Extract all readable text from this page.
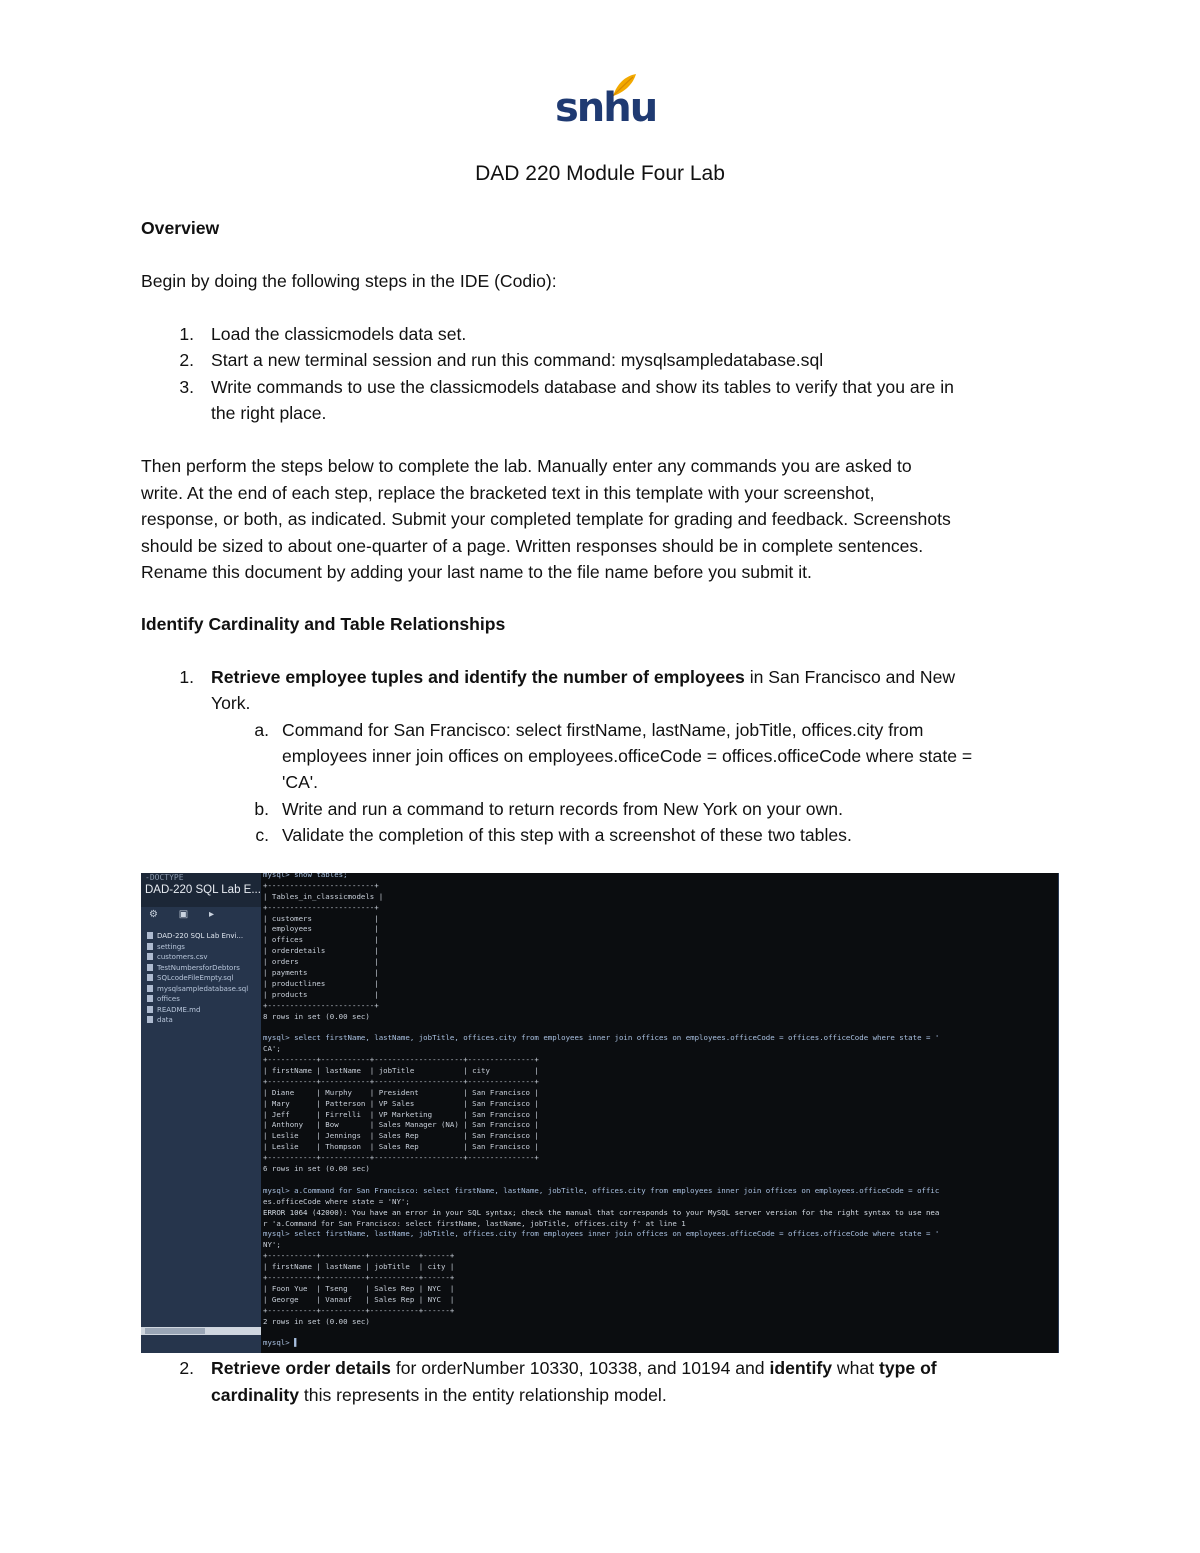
snhu
DAD 220 Module Four Lab
Overview
Begin by doing the following steps in the IDE (Codio):
1. Load the classicmodels data set.
2. Start a new terminal session and run this command: mysqlsampledatabase.sql
3. Write commands to use the classicmodels database and show its tables to verify that you are in
the right place.
Then perform the steps below to complete the lab. Manually enter any commands you are asked to
write. At the end of each step, replace the bracketed text in this template with your screenshot,
response, or both, as indicated. Submit your completed template for grading and feedback. Screenshots
should be sized to about one-quarter of a page. Written responses should be in complete sentences.
Rename this document by adding your last name to the file name before you submit it.
Identify Cardinality and Table Relationships
1. Retrieve employee tuples and identify the number of employees in San Francisco and New
York.
a. Command for San Francisco: select firstName, lastName, jobTitle, offices.city from
employees inner join offices on employees.officeCode = offices.officeCode where state =
'CA'.
b. Write and run a command to return records from New York on your own.
c. Validate the completion of this step with a screenshot of these two tables.
-DOCTYPE
DAD-220 SQL Lab E...
⚙ ▣ ▸
DAD-220 SQL Lab Envi...
settings
customers.csv
TestNumbersforDebtors
SQLcodeFileEmpty.sql
mysqlsampledatabase.sql
offices
README.md
data
mysql> show tables;
+------------------------+
| Tables_in_classicmodels |
+------------------------+
| customers              |
| employees              |
| offices                |
| orderdetails           |
| orders                 |
| payments               |
| productlines           |
| products               |
+------------------------+
8 rows in set (0.00 sec)
mysql> select firstName, lastName, jobTitle, offices.city from employees inner join offices on employees.officeCode = offices.officeCode where state = '
CA';
+-----------+-----------+--------------------+---------------+
| firstName | lastName  | jobTitle           | city          |
+-----------+-----------+--------------------+---------------+
| Diane     | Murphy    | President          | San Francisco |
| Mary      | Patterson | VP Sales           | San Francisco |
| Jeff      | Firrelli  | VP Marketing       | San Francisco |
| Anthony   | Bow       | Sales Manager (NA) | San Francisco |
| Leslie    | Jennings  | Sales Rep          | San Francisco |
| Leslie    | Thompson  | Sales Rep          | San Francisco |
+-----------+-----------+--------------------+---------------+
6 rows in set (0.00 sec)
mysql> a.Command for San Francisco: select firstName, lastName, jobTitle, offices.city from employees inner join offices on employees.officeCode = offic
es.officeCode where state = 'NY';
ERROR 1064 (42000): You have an error in your SQL syntax; check the manual that corresponds to your MySQL server version for the right syntax to use nea
r 'a.Command for San Francisco: select firstName, lastName, jobTitle, offices.city f' at line 1
mysql> select firstName, lastName, jobTitle, offices.city from employees inner join offices on employees.officeCode = offices.officeCode where state = '
NY';
+-----------+----------+-----------+------+
| firstName | lastName | jobTitle  | city |
+-----------+----------+-----------+------+
| Foon Yue  | Tseng    | Sales Rep | NYC  |
| George    | Vanauf   | Sales Rep | NYC  |
+-----------+----------+-----------+------+
2 rows in set (0.00 sec)
mysql> ▌
2. Retrieve order details for orderNumber 10330, 10338, and 10194 and identify what type of
cardinality this represents in the entity relationship model.
